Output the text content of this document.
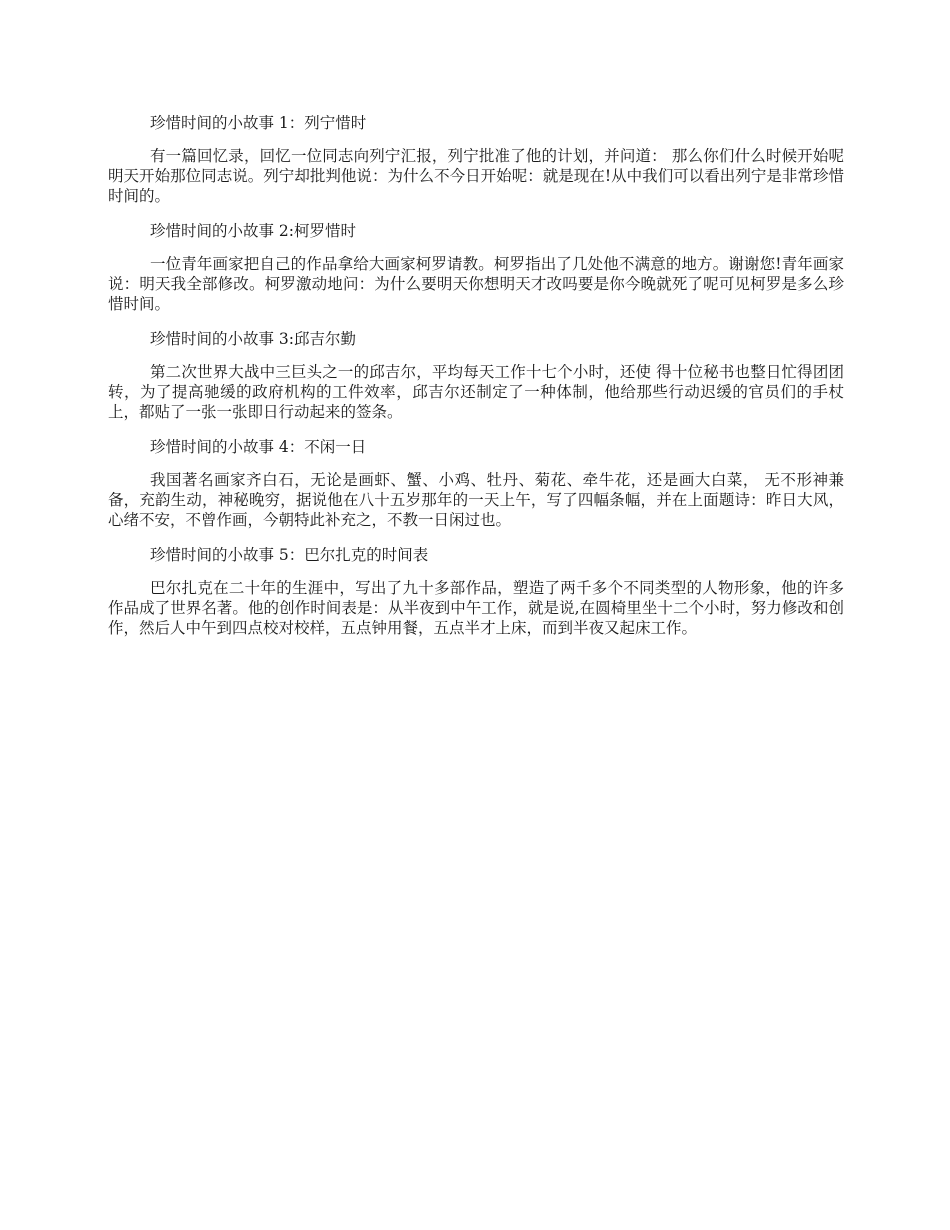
珍惜时间的小故事 1：列宁惜时

有一篇回忆录，回忆一位同志向列宁汇报，列宁批准了他的计划，并问道： 那么你们什么时候开始呢明天开始那位同志说。列宁却批判他说：为什么不今日开始呢：就是现在!从中我们可以看出列宁是非常珍惜时间的。

珍惜时间的小故事 2:柯罗惜时

一位青年画家把自己的作品拿给大画家柯罗请教。柯罗指出了几处他不满意的地方。谢谢您!青年画家说：明天我全部修改。柯罗激动地问：为什么要明天你想明天才改吗要是你今晚就死了呢可见柯罗是多么珍惜时间。

珍惜时间的小故事 3:邱吉尔勤

第二次世界大战中三巨头之一的邱吉尔，平均每天工作十七个小时，还使 得十位秘书也整日忙得团团转，为了提高驰缓的政府机构的工件效率，邱吉尔还制定了一种体制，他给那些行动迟缓的官员们的手杖上，都贴了一张一张即日行动起来的签条。

珍惜时间的小故事 4：不闲一日

我国著名画家齐白石，无论是画虾、蟹、小鸡、牡丹、菊花、牵牛花，还是画大白菜， 无不形神兼备，充韵生动，神秘晚穷，据说他在八十五岁那年的一天上午，写了四幅条幅，并在上面题诗：昨日大风，心绪不安，不曾作画，今朝特此补充之，不教一日闲过也。

珍惜时间的小故事 5：巴尔扎克的时间表

巴尔扎克在二十年的生涯中，写出了九十多部作品，塑造了两千多个不同类型的人物形象，他的许多作品成了世界名著。他的创作时间表是：从半夜到中午工作，就是说,在圆椅里坐十二个小时，努力修改和创作，然后人中午到四点校对校样，五点钟用餐，五点半才上床，而到半夜又起床工作。
